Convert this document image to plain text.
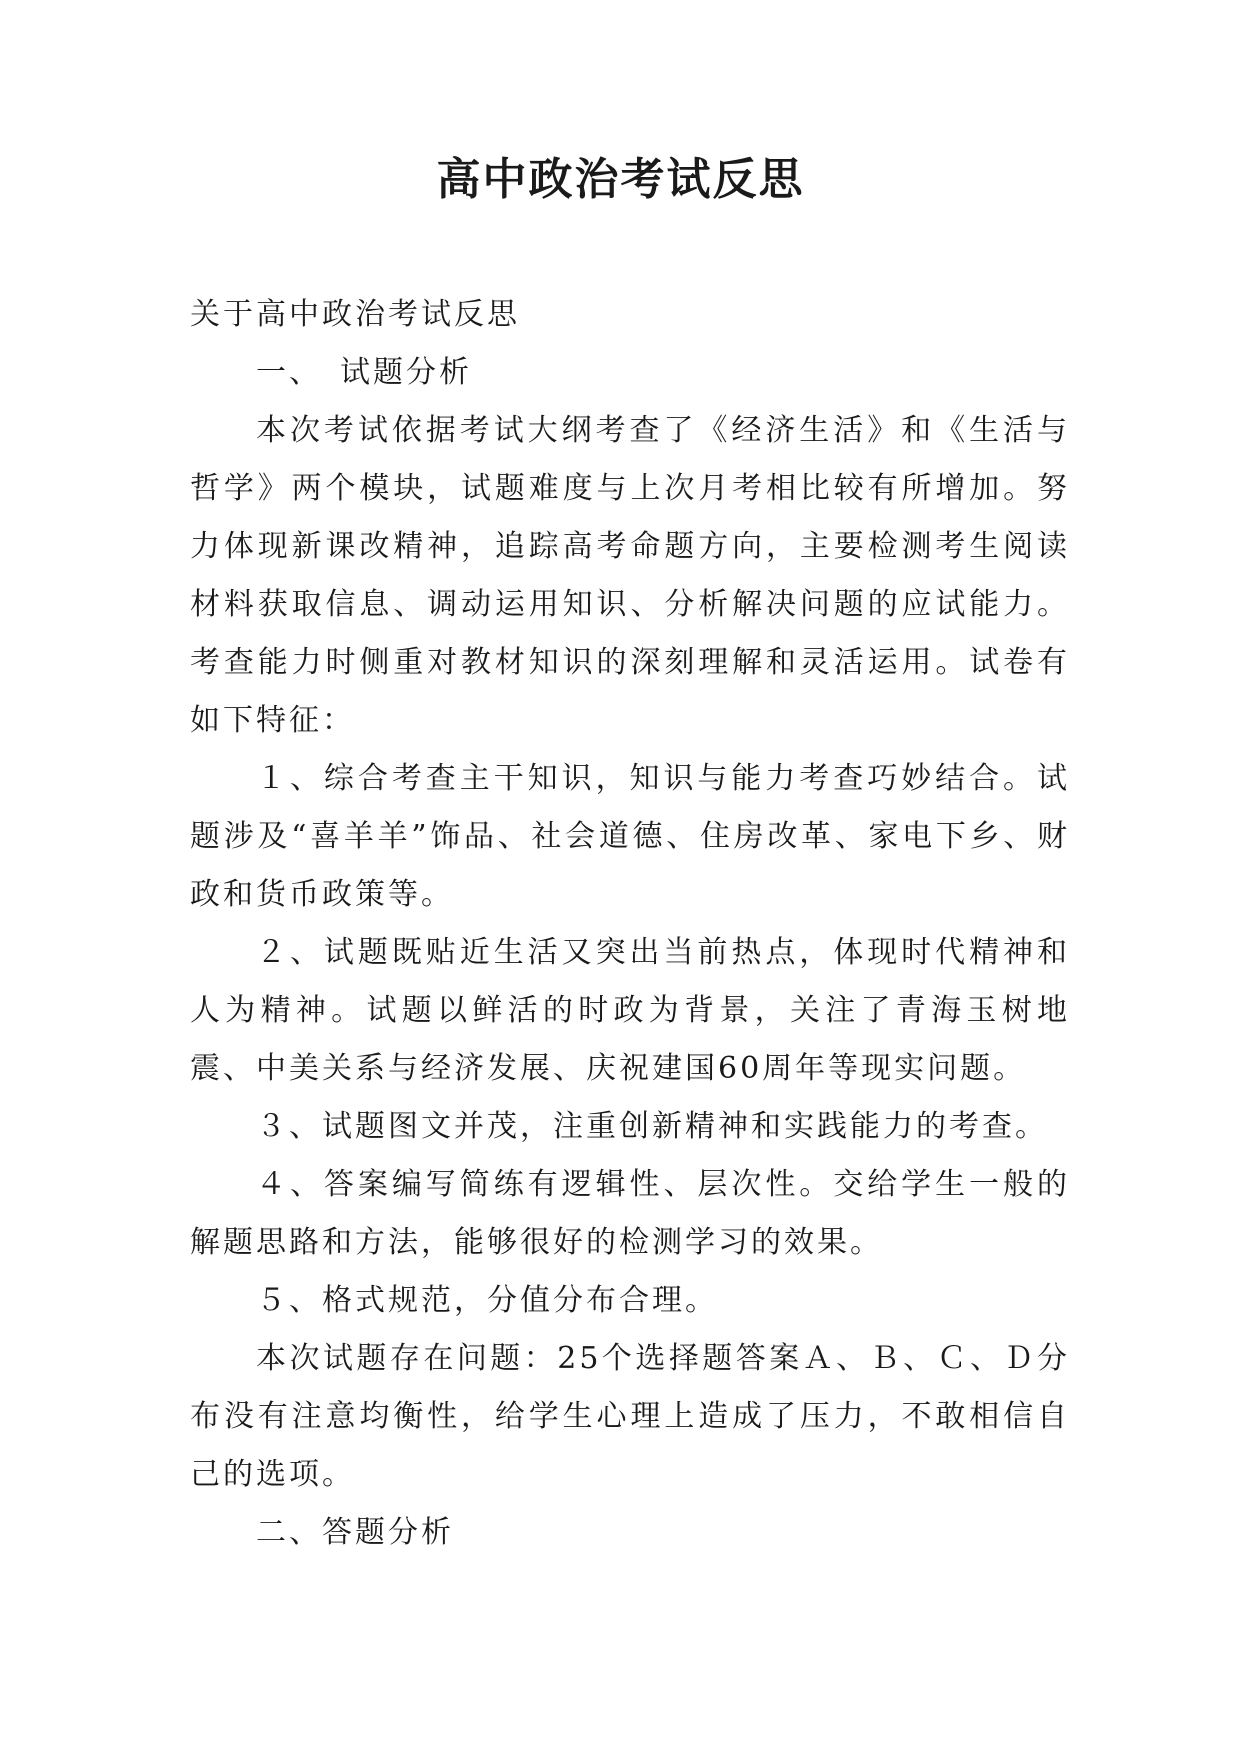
高中政治考试反思

关于高中政治考试反思

一、　试题分析

本次考试依据考试大纲考查了《经济生活》和《生活与哲学》两个模块，试题难度与上次月考相比较有所增加。努力体现新课改精神，追踪高考命题方向，主要检测考生阅读材料获取信息、调动运用知识、分析解决问题的应试能力。考查能力时侧重对教材知识的深刻理解和灵活运用。试卷有如下特征：

１、综合考查主干知识，知识与能力考查巧妙结合。试题涉及“喜羊羊”饰品、社会道德、住房改革、家电下乡、财政和货币政策等。

２、试题既贴近生活又突出当前热点，体现时代精神和人为精神。试题以鲜活的时政为背景，关注了青海玉树地震、中美关系与经济发展、庆祝建国60周年等现实问题。

３、试题图文并茂，注重创新精神和实践能力的考查。

４、答案编写简练有逻辑性、层次性。交给学生一般的解题思路和方法，能够很好的检测学习的效果。

５、格式规范，分值分布合理。

本次试题存在问题：25个选择题答案Ａ、Ｂ、Ｃ、Ｄ分布没有注意均衡性，给学生心理上造成了压力，不敢相信自己的选项。

二、答题分析
